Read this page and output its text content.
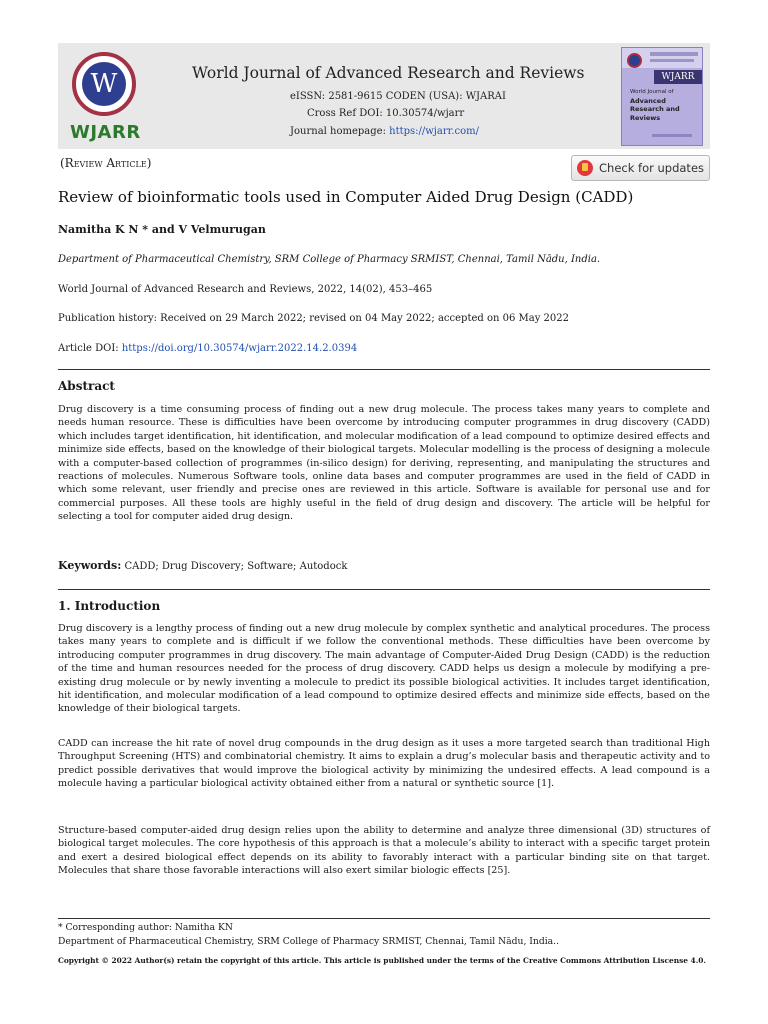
W
WJARR
World Journal of Advanced Research and Reviews
eISSN: 2581-9615 CODEN (USA): WJARAI
Cross Ref DOI: 10.30574/wjarr
Journal homepage: https://wjarr.com/
WJARR
World Journal of
Advanced
Research and
Reviews
(Review Article)	Check for updates
Review of bioinformatic tools used in Computer Aided Drug Design (CADD)
Namitha K N * and V Velmurugan
Department of Pharmaceutical Chemistry, SRM College of Pharmacy SRMIST, Chennai, Tamil Nādu, India.
World Journal of Advanced Research and Reviews, 2022, 14(02), 453–465
Publication history: Received on 29 March 2022; revised on 04 May 2022; accepted on 06 May 2022
Article DOI: https://doi.org/10.30574/wjarr.2022.14.2.0394
Abstract
Drug discovery is a time consuming process of finding out a new drug molecule. The process takes many years to complete and needs human resource. These is difficulties have been overcome by introducing computer programmes in drug discovery (CADD) which includes target identification, hit identification, and molecular modification of a lead compound to optimize desired effects and minimize side effects, based on the knowledge of their biological targets. Molecular modelling is the process of designing a molecule with a computer-based collection of programmes (in-silico design) for deriving, representing, and manipulating the structures and reactions of molecules. Numerous Software tools, online data bases and computer programmes are used in the field of CADD in which some relevant, user friendly and precise ones are reviewed in this article. Software is available for personal use and for commercial purposes. All these tools are highly useful in the field of drug design and discovery. The article will be helpful for selecting a tool for computer aided drug design.
Keywords: CADD; Drug Discovery; Software; Autodock
1. Introduction
Drug discovery is a lengthy process of finding out a new drug molecule by complex synthetic and analytical procedures. The process takes many years to complete and is difficult if we follow the conventional methods. These difficulties have been overcome by introducing computer programmes in drug discovery. The main advantage of Computer-Aided Drug Design (CADD) is the reduction of the time and human resources needed for the process of drug discovery. CADD helps us design a molecule by modifying a pre-existing drug molecule or by newly inventing a molecule to predict its possible biological activities. It includes target identification, hit identification, and molecular modification of a lead compound to optimize desired effects and minimize side effects, based on the knowledge of their biological targets.
CADD can increase the hit rate of novel drug compounds in the drug design as it uses a more targeted search than traditional High Throughput Screening (HTS) and combinatorial chemistry. It aims to explain a drug’s molecular basis and therapeutic activity and to predict possible derivatives that would improve the biological activity by minimizing the undesired effects. A lead compound is a molecule having a particular biological activity obtained either from a natural or synthetic source [1].
Structure-based computer-aided drug design relies upon the ability to determine and analyze three dimensional (3D) structures of biological target molecules. The core hypothesis of this approach is that a molecule’s ability to interact with a specific target protein and exert a desired biological effect depends on its ability to favorably interact with a particular binding site on that target. Molecules that share those favorable interactions will also exert similar biologic effects [25].
* Corresponding author: Namitha KN
Department of Pharmaceutical Chemistry, SRM College of Pharmacy SRMIST, Chennai, Tamil Nādu, India..
Copyright © 2022 Author(s) retain the copyright of this article. This article is published under the terms of the Creative Commons Attribution Liscense 4.0.
